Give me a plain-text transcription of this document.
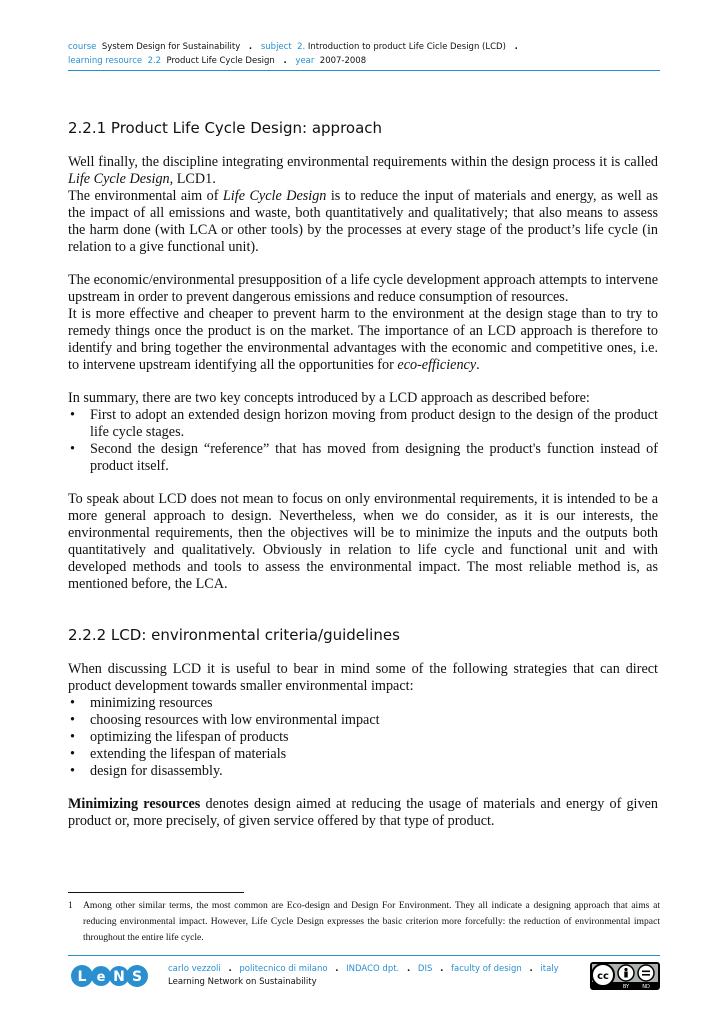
course System Design for Sustainability . subject 2. Introduction to product Life Cicle Design (LCD) .
learning resource 2.2 Product Life Cycle Design . year 2007-2008
2.2.1 Product Life Cycle Design: approach

Well finally, the discipline integrating environmental requirements within the design process it is called Life Cycle Design, LCD1.

The environmental aim of Life Cycle Design is to reduce the input of materials and energy, as well as the impact of all emissions and waste, both quantitatively and qualitatively; that also means to assess the harm done (with LCA or other tools) by the processes at every stage of the product’s life cycle (in relation to a give functional unit).

The economic/environmental presupposition of a life cycle development approach attempts to intervene upstream in order to prevent dangerous emissions and reduce consumption of resources.

It is more effective and cheaper to prevent harm to the environment at the design stage than to try to remedy things once the product is on the market. The importance of an LCD approach is therefore to identify and bring together the environmental advantages with the economic and competitive ones, i.e. to intervene upstream identifying all the opportunities for eco-efficiency.

In summary, there are two key concepts introduced by a LCD approach as described before:

• First to adopt an extended design horizon moving from product design to the design of the product life cycle stages.
• Second the design “reference” that has moved from designing the product's function instead of product itself.

To speak about LCD does not mean to focus on only environmental requirements, it is intended to be a more general approach to design. Nevertheless, when we do consider, as it is our interests, the environmental requirements, then the objectives will be to minimize the inputs and the outputs both quantitatively and qualitatively. Obviously in relation to life cycle and functional unit and with developed methods and tools to assess the environmental impact. The most reliable method is, as mentioned before, the LCA.

2.2.2 LCD: environmental criteria/guidelines

When discussing LCD it is useful to bear in mind some of the following strategies that can direct product development towards smaller environmental impact:

• minimizing resources
• choosing resources with low environmental impact
• optimizing the lifespan of products
• extending the lifespan of materials
• design for disassembly.

Minimizing resources denotes design aimed at reducing the usage of materials and energy of given product or, more precisely, of given service offered by that type of product.

1 Among other similar terms, the most common are Eco-design and Design For Environment. They all indicate a designing approach that aims at reducing environmental impact. However, Life Cycle Design expresses the basic criterion more forcefully: the reduction of environmental impact throughout the entire life cycle.
L e N S	carlo vezzoli . politecnico di milano . INDACO dpt. . DIS . faculty of design . italy
Learning Network on Sustainability	cc
BY	ND
